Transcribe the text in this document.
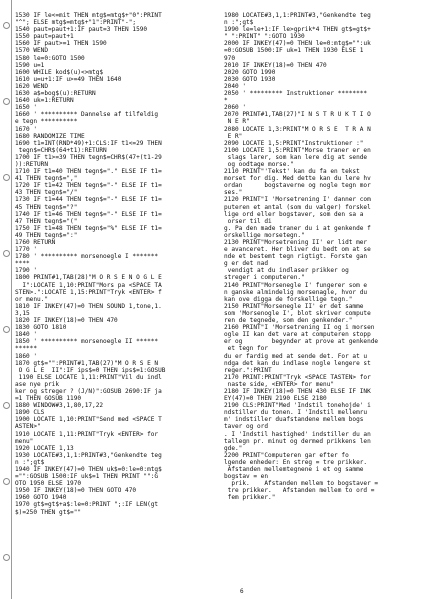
1530 IF le<=mit THEN mtg$=mtg$+"0":PRINT
"^"; ELSE mtg$=mtg$+"1":PRINT"-";
1540 paut=paut+1:IF paut=3 THEN 1590
1550 paut=paut+1
1560 IF paut>=1 THEN 1590
1570 WEND
1580 le=0:GOTO 1500
1590 u=1
1600 WHILE kod$(u)<>mtg$
1610 u=u+1:IF u>=49 THEN 1640
1620 WEND
1630 a$=bog$(u):RETURN
1640 uk=1:RETURN
1650 '
1660 ' ********** Dannelse af tilfeldig
e tegn **********
1670 '
1680 RANDOMIZE TIME
1690 t1=INT(RND*49)+1:CLS:IF t1<=29 THEN
tegn$=CHR$(64+t1):RETURN
1700 IF t1>=39 THEN tegn$=CHR$(47+(t1-29
)):RETURN
1710 IF t1=40 THEN tegn$="." ELSE IF t1=
41 THEN tegn$=","
1720 IF t1=42 THEN tegn$="-" ELSE IF t1=
43 THEN tegn$="/"
1730 IF t1=44 THEN tegn$="-" ELSE IF t1=
45 THEN tegn$="?"
1740 IF t1=46 THEN tegn$="-" ELSE IF t1=
47 THEN tegn$="("
1750 IF t1=48 THEN tegn$="%" ELSE IF t1=
49 THEN tegn$=":"
1760 RETURN
1770 '
1780 ' ********** morsenoegle I *******
****
1790 '
1800 PRINT#1,TAB(28)"M O R S E N O G L E
I":LOCATE 1,10:PRINT"Mors pa <SPACE TA
STEN>.":LOCATE 1,15:PRINT"Tryk <ENTER> f
or menu."
1810 IF INKEY(47)=0 THEN SOUND 1,tone,1.
3,15
1820 IF INKEY(18)=0 THEN 470
1830 GOTO 1810
1840 '
1850 ' ********** morsenoegle II ******
******
1860 '
1870 gt$="":PRINT#1,TAB(27)"M O R S E N
O G L E  II":IF ips$=0 THEN ips$=1:GOSUB
1190 ELSE LOCATE 1,11:PRINT"Vil du indl
ase nye prik
ker og streger ? (J/N)":GOSUB 2690:IF ja
=1 THEN GOSUB 1190
1880 WINDOW#3,1,80,17,22
1890 CLS
1900 LOCATE 1,10:PRINT"Send med <SPACE T
ASTEN>"
1910 LOCATE 1,11:PRINT"Tryk <ENTER> for
menu"
1920 LOCATE 1,13
1930 LOCATE#3,1,1:PRINT#3,"Genkendte teg
n :";gt$
1940 IF INKEY(47)=0 THEN uk$=0:le=0:mtg$
="":GOSUB 1500:IF uk$=1 THEN PRINT "":G
OTO 1950 ELSE 1970
1950 IF INKEY(18)=0 THEN GOTO 470
1960 GOTO 1940
1970 gt$=gt$+a$:le=0:PRINT ";:IF LEN(gt
$)=250 THEN gt$=""
1980 LOCATE#3,1,1:PRINT#3,"Genkendte teg
n :";gt$
1990 le=le+1:IF le>gprik*4 THEN gt$=gt$+
" ":PRINT" ":GOTO 1930
2000 IF INKEY(47)=0 THEN le=0:mtg$="":uk
=0:GOSUB 1500:IF uk=1 THEN 1930 ELSE 1
970
2010 IF INKEY(18)=0 THEN 470
2020 GOTO 1990
2030 GOTO 1930
2040 '
2050 ' ********* Instruktioner ********
*
2060 '
2070 PRINT#1,TAB(27)"I N S T R U K T I O
N E R"
2080 LOCATE 1,3:PRINT"M O R S E  T R A N
E R"
2090 LOCATE 1,5:PRINT"Instruktioner :"
2100 LOCATE 1,5:PRINT"Morse traner er en
slags larer, som kan lere dig at sende
og oodtage morse."
2110 PRINT"'Tekst' kan du fa en tekst
morset for dig. Med dette kan du lere hv
ordan      bogstaverne og nogle tegn mor
ses."
2120 PRINT"I 'Morsetrening I' danner com
puteren et antal (som du vælger) forskel
lige ord eller bogstaver, som den sa a
orser til di
g. Pa den made traner du i at genkende f
orskellige morsetegn."
2130 PRINT"Morsetrening II' er lidt mer
e avanceret. Her bliver du bedt om at se
nde et bestemt tegn rigtigt. Forste gan
g er det nad
vendigt at du indlaser prikker og
streger i computeren."
2140 PRINT"Morsenegle I' fungerer som e
n ganske almindelig morsenagle, hvor du
kan ove digga de forskellige tegn."
2150 PRINT"Morsenegle II' er det samme
som 'Morsenogle I', blot skriver compute
ren de tegnede, som den genkender."
2160 PRINT"I 'Morsetrening II og i morsen
ogle II kan det vare at computeren stopp
er og        begynder at prove at genkende
et tegn for
du er fardig med at sende det. For at u
ndga det kan du indlase nogle lengere st
reger.":PRINT
2170 PRINT:PRINT"Tryk <SPACE TASTEN> for
naste side, <ENTER> for menu"
2180 IF INKEY(18)=0 THEN 430 ELSE IF INK
EY(47)=0 THEN 2190 ELSE 2180
2190 CLS:PRINT"Med 'Indstil tonehojde' i
ndstiller du tonen. I 'Indstil mellemru
m' indstiller duafstandene mellem bogs
taver og ord
. I 'Indstil hastighed' indstiller du an
tallegn pr. minut og dermed prikkens len
gde."
2200 PRINT"Computeren gar efter fo
lgende enheder: En streg = tre prikker.
Afstanden mellemtegnene i et og samme
bogstav = en
prik.    Afstanden mellem to bogstaver =
tre prikker.   Afstanden mellem to ord =
fem prikker."
6
